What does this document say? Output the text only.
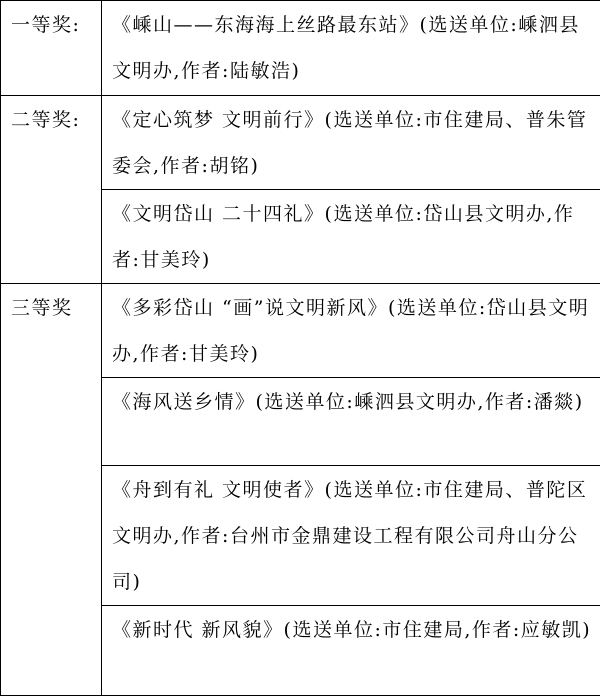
一等奖:	《嵊山——东海海上丝路最东站》(选送单位:嵊泗县文明办,作者:陆敏浩)
二等奖:	《定心筑梦 文明前行》(选送单位:市住建局、普朱管委会,作者:胡铭)
	《文明岱山 二十四礼》(选送单位:岱山县文明办,作者:甘美玲)
三等奖	《多彩岱山 “画”说文明新风》(选送单位:岱山县文明办,作者:甘美玲)
	《海风送乡情》(选送单位:嵊泗县文明办,作者:潘燚)
	《舟到有礼 文明使者》(选送单位:市住建局、普陀区文明办,作者:台州市金鼎建设工程有限公司舟山分公司)
	《新时代 新风貌》(选送单位:市住建局,作者:应敏凯)
